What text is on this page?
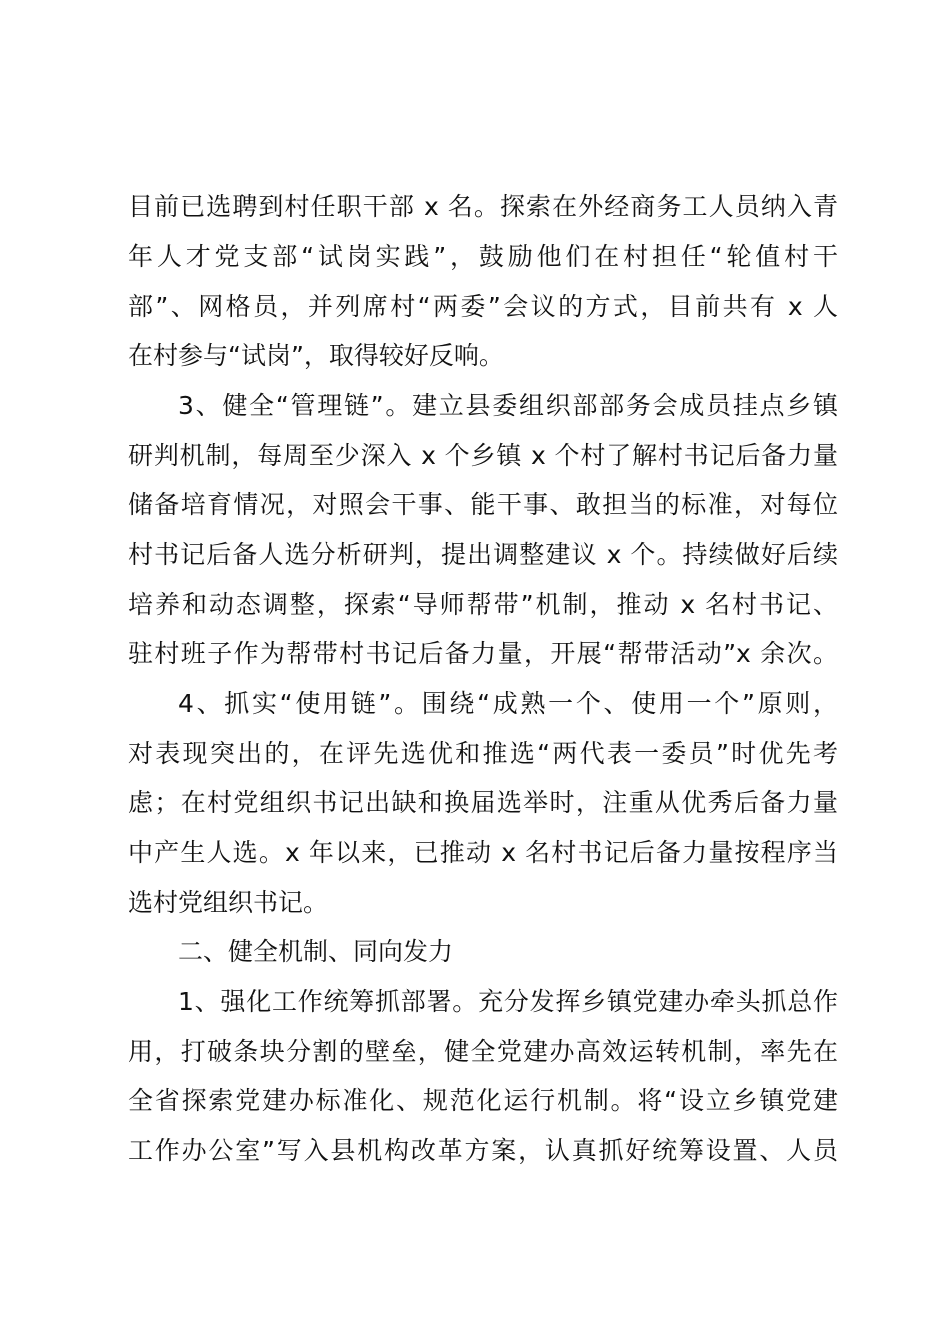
目前已选聘到村任职干部 x 名。探索在外经商务工人员纳入青
年人才党支部“试岗实践”，鼓励他们在村担任“轮值村干
部”、网格员，并列席村“两委”会议的方式，目前共有 x 人
在村参与“试岗”，取得较好反响。
3、健全“管理链”。建立县委组织部部务会成员挂点乡镇
研判机制，每周至少深入 x 个乡镇 x 个村了解村书记后备力量
储备培育情况，对照会干事、能干事、敢担当的标准，对每位
村书记后备人选分析研判，提出调整建议 x 个。持续做好后续
培养和动态调整，探索“导师帮带”机制，推动 x 名村书记、
驻村班子作为帮带村书记后备力量，开展“帮带活动”x 余次。
4、抓实“使用链”。围绕“成熟一个、使用一个”原则，
对表现突出的，在评先选优和推选“两代表一委员”时优先考
虑；在村党组织书记出缺和换届选举时，注重从优秀后备力量
中产生人选。x 年以来，已推动 x 名村书记后备力量按程序当
选村党组织书记。
二、健全机制、同向发力
1、强化工作统筹抓部署。充分发挥乡镇党建办牵头抓总作
用，打破条块分割的壁垒，健全党建办高效运转机制，率先在
全省探索党建办标准化、规范化运行机制。将“设立乡镇党建
工作办公室”写入县机构改革方案，认真抓好统筹设置、人员
